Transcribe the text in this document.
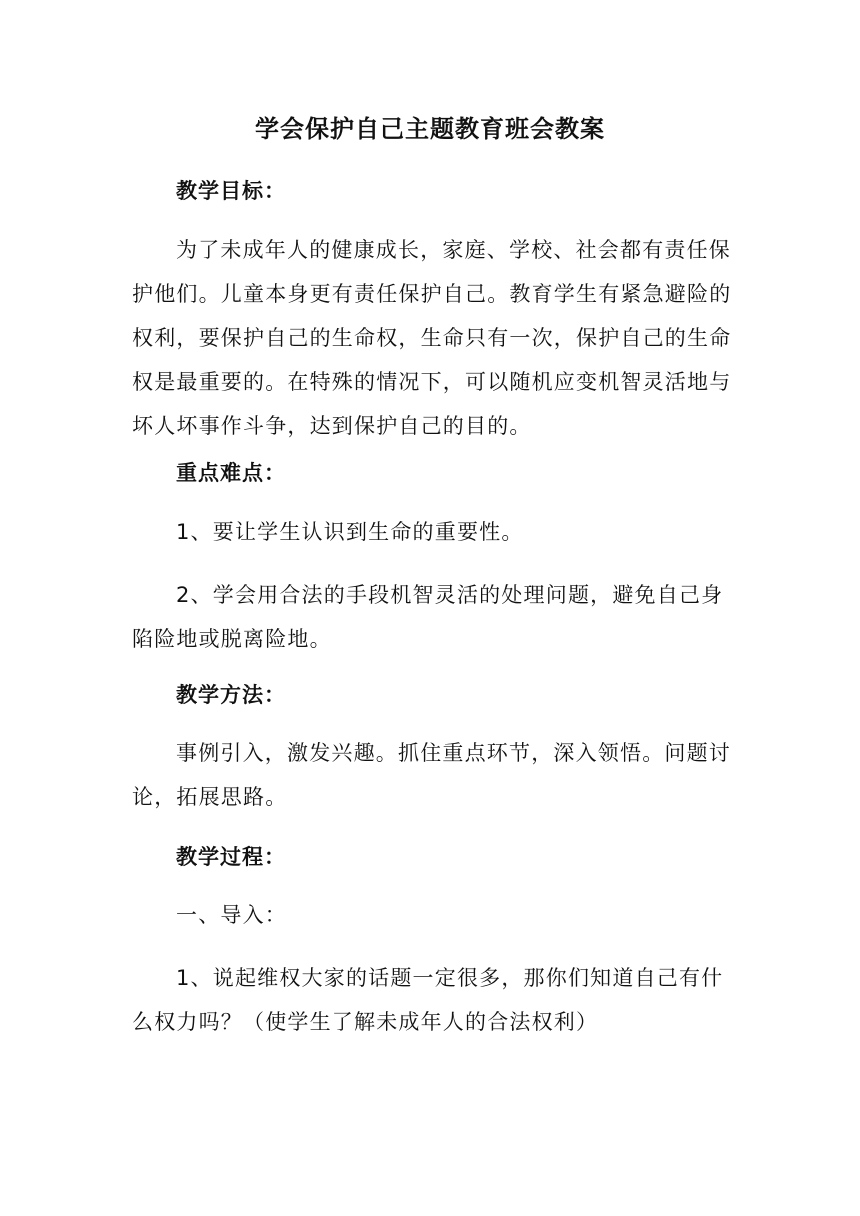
学会保护自己主题教育班会教案
教学目标：

为了未成年人的健康成长，家庭、学校、社会都有责任保护他们。儿童本身更有责任保护自己。教育学生有紧急避险的权利，要保护自己的生命权，生命只有一次，保护自己的生命权是最重要的。在特殊的情况下，可以随机应变机智灵活地与坏人坏事作斗争，达到保护自己的目的。

重点难点：

1、要让学生认识到生命的重要性。

2、学会用合法的手段机智灵活的处理问题，避免自己身陷险地或脱离险地。

教学方法：

事例引入，激发兴趣。抓住重点环节，深入领悟。问题讨论，拓展思路。

教学过程：

一、导入：

1、说起维权大家的话题一定很多，那你们知道自己有什么权力吗？（使学生了解未成年人的合法权利）
